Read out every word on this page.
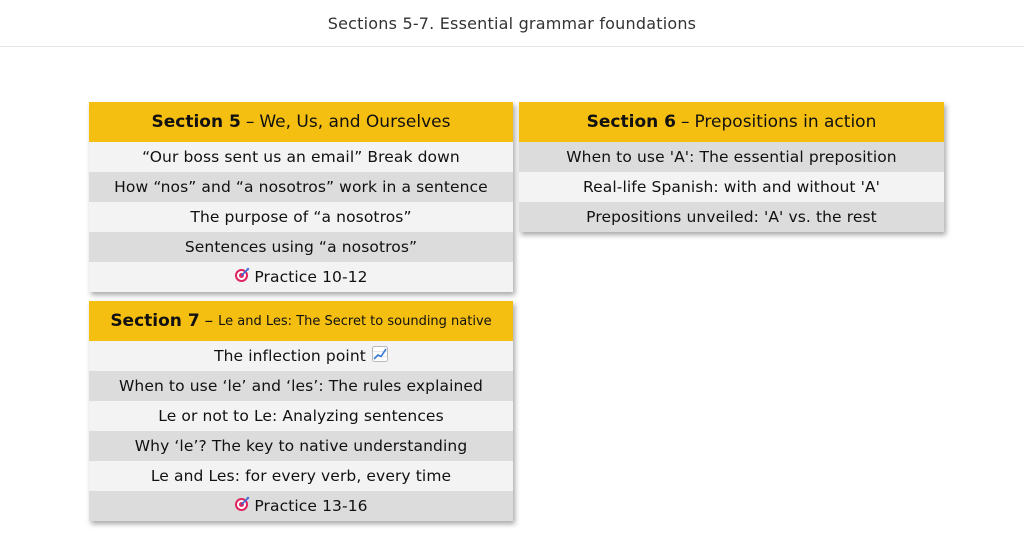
Sections 5-7. Essential grammar foundations
Section 5 – We, Us, and Ourselves
“Our boss sent us an email” Break down
How “nos” and “a nosotros” work in a sentence
The purpose of “a nosotros”
Sentences using “a nosotros”
Practice 10-12
Section 6 – Prepositions in action
When to use 'A': The essential preposition
Real-life Spanish: with and without 'A'
Prepositions unveiled: 'A' vs. the rest
Section 7 – Le and Les: The Secret to sounding native
The inflection point
When to use ‘le’ and ‘les’: The rules explained
Le or not to Le: Analyzing sentences
Why ‘le’? The key to native understanding
Le and Les: for every verb, every time
Practice 13-16
